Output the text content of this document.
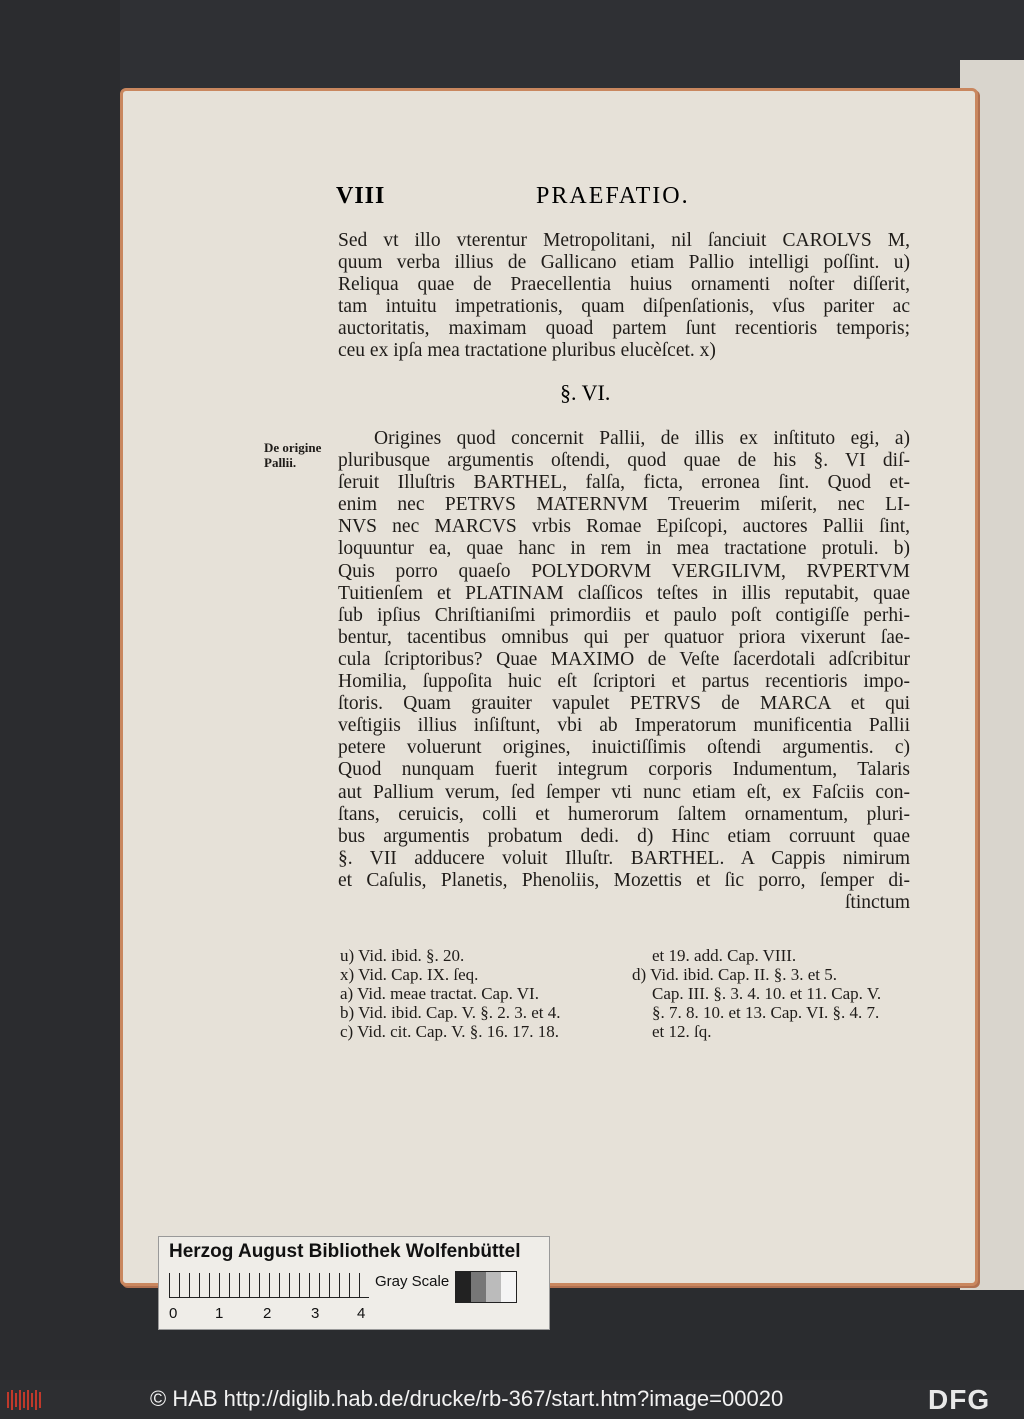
VIII	PRAEFATIO.
Sed vt illo vterentur Metropolitani, nil ſanciuit CAROLVS M,
quum verba illius de Gallicano etiam Pallio intelligi poſſint. u)
Reliqua quae de Praecellentia huius ornamenti noſter diſſerit,
tam intuitu impetrationis, quam diſpenſationis, vſus pariter ac
auctoritatis, maximam quoad partem ſunt recentioris temporis;
ceu ex ipſa mea tractatione pluribus elucèſcet. x)
§. VI.
De origine
Pallii.
Origines quod concernit Pallii, de illis ex inſtituto egi, a)
pluribusque argumentis oſtendi, quod quae de his §. VI diſ-
ſeruit Illuſtris BARTHEL, falſa, ficta, erronea ſint. Quod et-
enim nec PETRVS MATERNVM Treuerim miſerit, nec LI-
NVS nec MARCVS vrbis Romae Epiſcopi, auctores Pallii ſint,
loquuntur ea, quae hanc in rem in mea tractatione protuli. b)
Quis porro quaeſo POLYDORVM VERGILIVM, RVPERTVM
Tuitienſem et PLATINAM claſſicos teſtes in illis reputabit, quae
ſub ipſius Chriſtianiſmi primordiis et paulo poſt contigiſſe perhi-
bentur, tacentibus omnibus qui per quatuor priora vixerunt ſae-
cula ſcriptoribus? Quae MAXIMO de Veſte ſacerdotali adſcribitur
Homilia, ſuppoſita huic eſt ſcriptori et partus recentioris impo-
ſtoris. Quam grauiter vapulet PETRVS de MARCA et qui
veſtigiis illius inſiſtunt, vbi ab Imperatorum munificentia Pallii
petere voluerunt origines, inuictiſſimis oſtendi argumentis. c)
Quod nunquam fuerit integrum corporis Indumentum, Talaris
aut Pallium verum, ſed ſemper vti nunc etiam eſt, ex Faſciis con-
ſtans, ceruicis, colli et humerorum ſaltem ornamentum, pluri-
bus argumentis probatum dedi. d) Hinc etiam corruunt quae
§. VII adducere voluit Illuſtr. BARTHEL. A Cappis nimirum
et Caſulis, Planetis, Phenoliis, Mozettis et ſic porro, ſemper di-
ſtinctum
u) Vid. ibid. §. 20.
x) Vid. Cap. IX. ſeq.
a) Vid. meae tractat. Cap. VI.
b) Vid. ibid. Cap. V. §. 2. 3. et 4.
c) Vid. cit. Cap. V. §. 16. 17. 18.
et 19. add. Cap. VIII.
d) Vid. ibid. Cap. II. §. 3. et 5.
Cap. III. §. 3. 4. 10. et 11. Cap. V.
§. 7. 8. 10. et 13. Cap. VI. §. 4. 7.
et 12. ſq.
Herzog August Bibliothek Wolfenbüttel
0	1	2	3	4
Gray Scale
© HAB http://diglib.hab.de/drucke/rb-367/start.htm?image=00020	DFG
